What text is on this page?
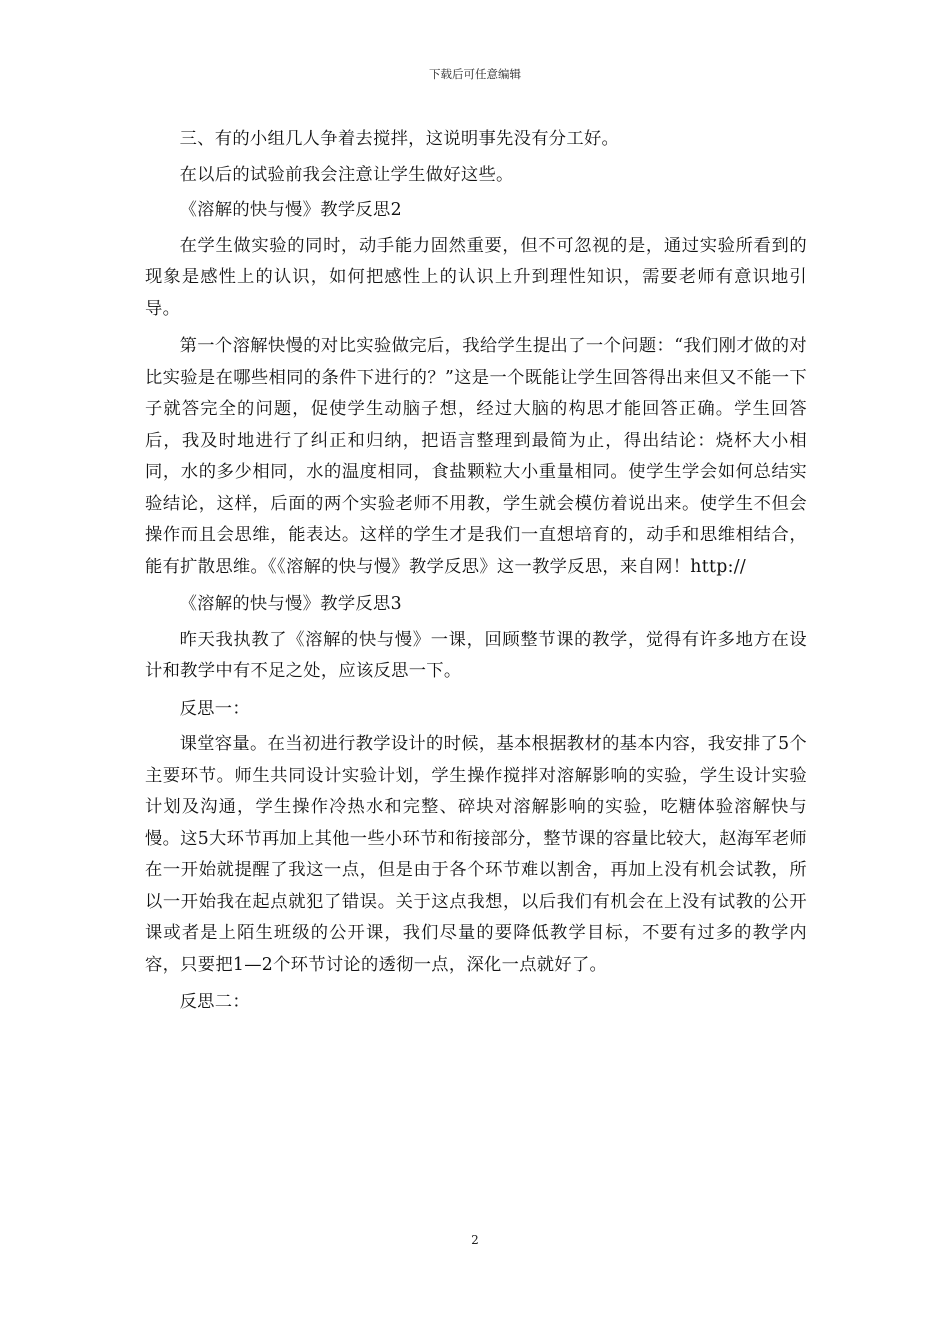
下载后可任意编辑

三、有的小组几人争着去搅拌，这说明事先没有分工好。

在以后的试验前我会注意让学生做好这些。

《溶解的快与慢》教学反思2

在学生做实验的同时，动手能力固然重要，但不可忽视的是，通过实验所看到的现象是感性上的认识，如何把感性上的认识上升到理性知识，需要老师有意识地引导。

第一个溶解快慢的对比实验做完后，我给学生提出了一个问题：“我们刚才做的对比实验是在哪些相同的条件下进行的？”这是一个既能让学生回答得出来但又不能一下子就答完全的问题，促使学生动脑子想，经过大脑的构思才能回答正确。学生回答后，我及时地进行了纠正和归纳，把语言整理到最简为止，得出结论：烧杯大小相同，水的多少相同，水的温度相同，食盐颗粒大小重量相同。使学生学会如何总结实验结论，这样，后面的两个实验老师不用教，学生就会模仿着说出来。使学生不但会操作而且会思维，能表达。这样的学生才是我们一直想培育的，动手和思维相结合，能有扩散思维。《《溶解的快与慢》教学反思》这一教学反思，来自网！http://

《溶解的快与慢》教学反思3

昨天我执教了《溶解的快与慢》一课，回顾整节课的教学，觉得有许多地方在设计和教学中有不足之处，应该反思一下。

反思一：

课堂容量。在当初进行教学设计的时候，基本根据教材的基本内容，我安排了5个主要环节。师生共同设计实验计划，学生操作搅拌对溶解影响的实验，学生设计实验计划及沟通，学生操作冷热水和完整、碎块对溶解影响的实验，吃糖体验溶解快与慢。这5大环节再加上其他一些小环节和衔接部分，整节课的容量比较大，赵海军老师在一开始就提醒了我这一点，但是由于各个环节难以割舍，再加上没有机会试教，所以一开始我在起点就犯了错误。关于这点我想，以后我们有机会在上没有试教的公开课或者是上陌生班级的公开课，我们尽量的要降低教学目标，不要有过多的教学内容，只要把1—2个环节讨论的透彻一点，深化一点就好了。

反思二：

2
